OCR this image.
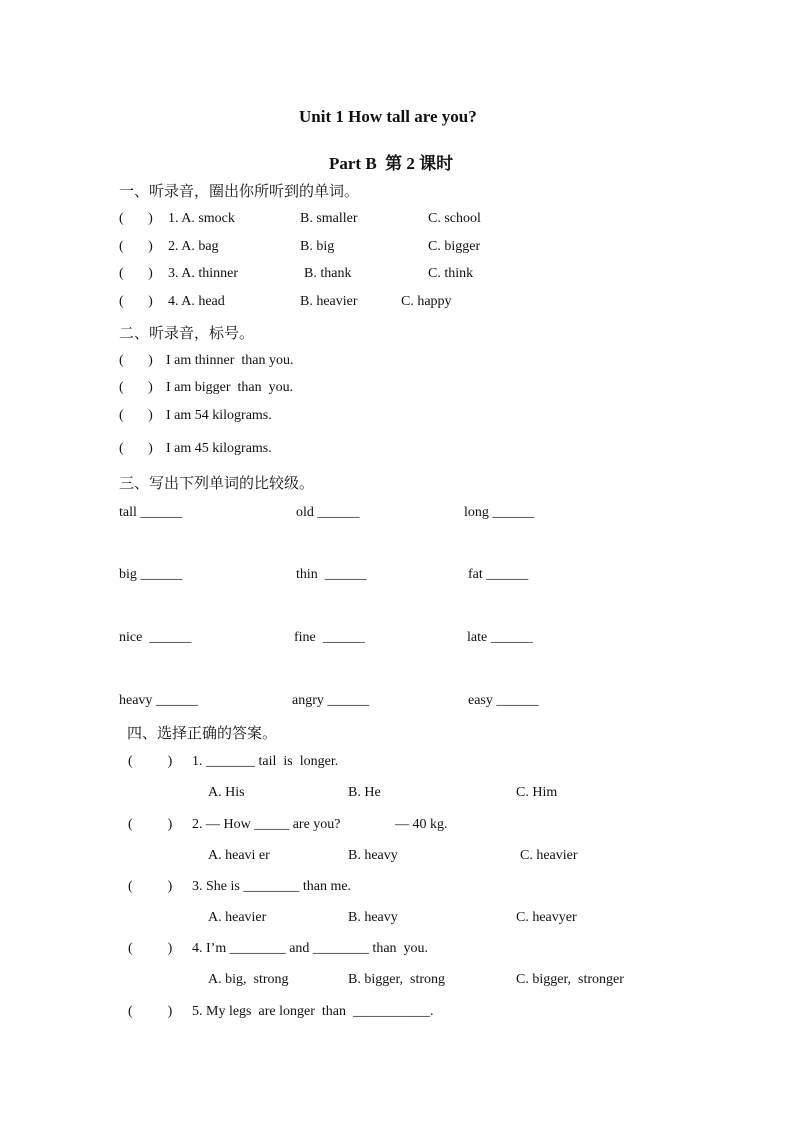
Unit 1 How tall are you?
Part B  第 2 课时
一、听录音，圈出你所听到的单词。
(       ) 1. A. smock	B. smaller	C. school
(       ) 2. A. bag	B. big	C. bigger
(       ) 3. A. thinner	B. thank	C. think
(       ) 4. A. head	B. heavier	C. happy
二、听录音，标号。
(       ) I am thinner  than you.
(       ) I am bigger  than  you.
(       ) I am 54 kilograms.
(       ) I am 45 kilograms.
三、写出下列单词的比较级。
tall ______	old ______	long ______
big ______	thin  ______	fat ______
nice  ______	fine  ______	late ______
heavy ______	angry ______	easy ______
四、选择正确的答案。
(          ) 1. _______ tail  is  longer.
A. His	B. He	C. Him
(          ) 2. — How _____ are you?	— 40 kg.
A. heavi er	B. heavy	C. heavier
(          ) 3. She is ________ than me.
A. heavier	B. heavy	C. heavyer
(          ) 4. I’m ________ and ________ than  you.
A. big,  strong	B. bigger,  strong	C. bigger,  stronger
(          ) 5. My legs  are longer  than  ___________.
